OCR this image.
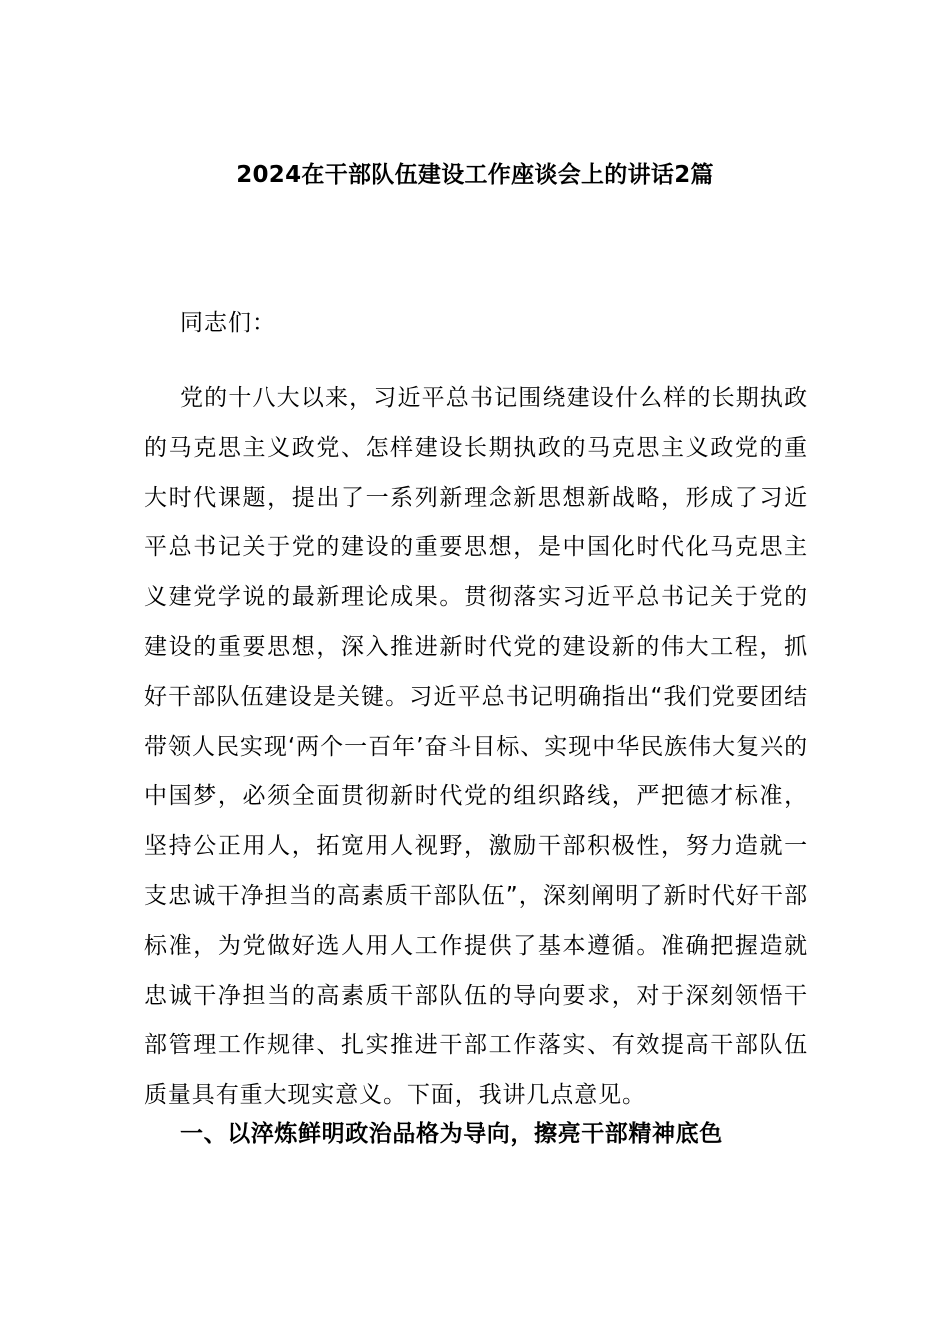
2024在干部队伍建设工作座谈会上的讲话2篇
同志们：

党的十八大以来，习近平总书记围绕建设什么样的长期执政的马克思主义政党、怎样建设长期执政的马克思主义政党的重大时代课题，提出了一系列新理念新思想新战略，形成了习近平总书记关于党的建设的重要思想，是中国化时代化马克思主义建党学说的最新理论成果。贯彻落实习近平总书记关于党的建设的重要思想，深入推进新时代党的建设新的伟大工程，抓好干部队伍建设是关键。习近平总书记明确指出“我们党要团结带领人民实现‘两个一百年’奋斗目标、实现中华民族伟大复兴的中国梦，必须全面贯彻新时代党的组织路线，严把德才标准，坚持公正用人，拓宽用人视野，激励干部积极性，努力造就一支忠诚干净担当的高素质干部队伍”，深刻阐明了新时代好干部标准，为党做好选人用人工作提供了基本遵循。准确把握造就忠诚干净担当的高素质干部队伍的导向要求，对于深刻领悟干部管理工作规律、扎实推进干部工作落实、有效提高干部队伍质量具有重大现实意义。下面，我讲几点意见。

一、以淬炼鲜明政治品格为导向，擦亮干部精神底色
